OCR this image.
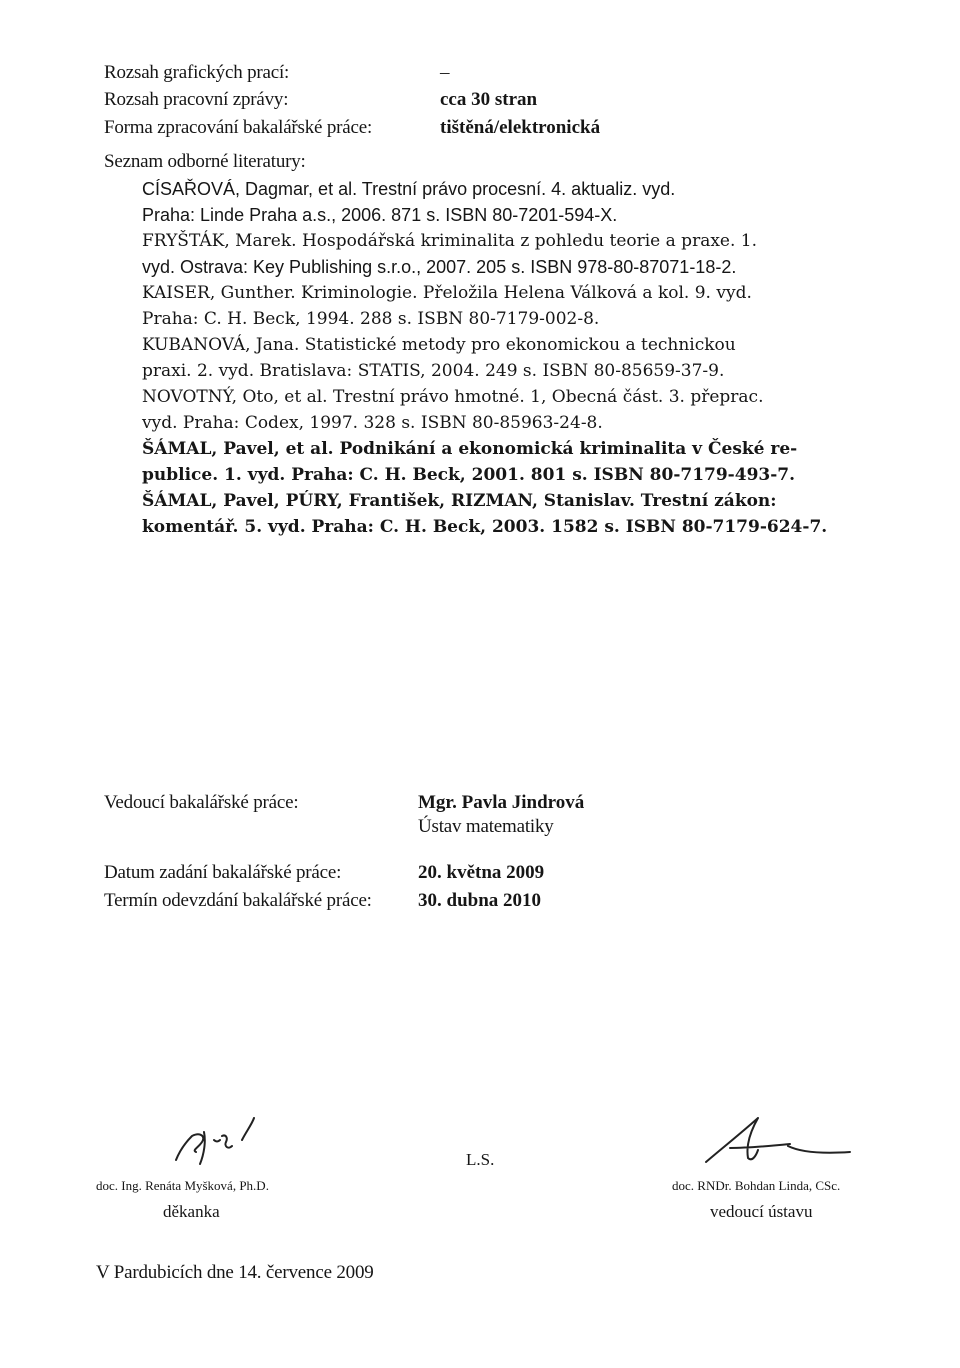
Rozsah grafických prací:	–
Rozsah pracovní zprávy:	cca 30 stran
Forma zpracování bakalářské práce:	tištěná/elektronická
Seznam odborné literatury:
CÍSAŘOVÁ, Dagmar, et al. Trestní právo procesní. 4. aktualiz. vyd.
Praha: Linde Praha a.s., 2006. 871 s. ISBN 80-7201-594-X.
FRYŠTÁK, Marek. Hospodářská kriminalita z pohledu teorie a praxe. 1.
vyd. Ostrava: Key Publishing s.r.o., 2007. 205 s. ISBN 978-80-87071-18-2.
KAISER, Gunther. Kriminologie. Přeložila Helena Válková a kol. 9. vyd.
Praha: C. H. Beck, 1994. 288 s. ISBN 80-7179-002-8.
KUBANOVÁ, Jana. Statistické metody pro ekonomickou a technickou
praxi. 2. vyd. Bratislava: STATIS, 2004. 249 s. ISBN 80-85659-37-9.
NOVOTNÝ, Oto, et al. Trestní právo hmotné. 1, Obecná část. 3. přeprac.
vyd. Praha: Codex, 1997. 328 s. ISBN 80-85963-24-8.
ŠÁMAL, Pavel, et al. Podnikání a ekonomická kriminalita v České re-
publice. 1. vyd. Praha: C. H. Beck, 2001. 801 s. ISBN 80-7179-493-7.
ŠÁMAL, Pavel, PÚRY, František, RIZMAN, Stanislav. Trestní zákon:
komentář. 5. vyd. Praha: C. H. Beck, 2003. 1582 s. ISBN 80-7179-624-7.
Vedoucí bakalářské práce:	Mgr. Pavla Jindrová
Ústav matematiky
Datum zadání bakalářské práce:	20. května 2009
Termín odevzdání bakalářské práce: 30. dubna 2010
doc. Ing. Renáta Myšková, Ph.D.
děkanka
L.S.
doc. RNDr. Bohdan Linda, CSc.
vedoucí ústavu
V Pardubicích dne 14. července 2009
